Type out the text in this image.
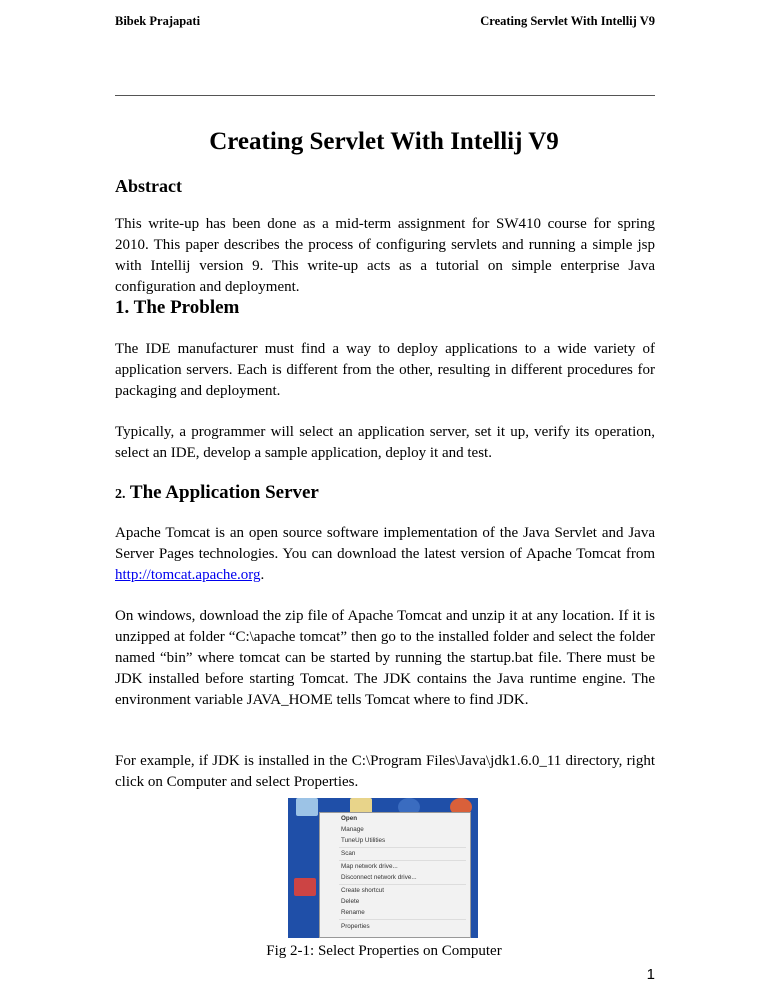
Bibek Prajapati	Creating Servlet With Intellij V9
Creating Servlet With Intellij V9
Abstract
This write-up has been done as a mid-term assignment for SW410 course for spring 2010. This paper describes the process of configuring servlets and running a simple jsp with Intellij version 9. This write-up acts as a tutorial on simple enterprise Java configuration and deployment.
1. The Problem
The IDE manufacturer must find a way to deploy applications to a wide variety of application servers. Each is different from the other, resulting in different procedures for packaging and deployment.
Typically, a programmer will select an application server, set it up, verify its operation, select an IDE, develop a sample application, deploy it and test.
2. The Application Server
Apache Tomcat is an open source software implementation of the Java Servlet and Java Server Pages technologies. You can download the latest version of Apache Tomcat from http://tomcat.apache.org.
On windows, download the zip file of Apache Tomcat and unzip it at any location. If it is unzipped at folder “C:\apache tomcat” then go to the installed folder and select the folder named “bin” where tomcat can be started by running the startup.bat file. There must be JDK installed before starting Tomcat. The JDK contains the Java runtime engine. The environment variable JAVA_HOME tells Tomcat where to find JDK.
For example, if JDK is installed in the C:\Program Files\Java\jdk1.6.0_11 directory, right click on Computer and select Properties.
Open
Manage
TuneUp Utilities
Scan
Map network drive...
Disconnect network drive...
Create shortcut
Delete
Rename
Properties
Fig 2-1: Select Properties on Computer
1
